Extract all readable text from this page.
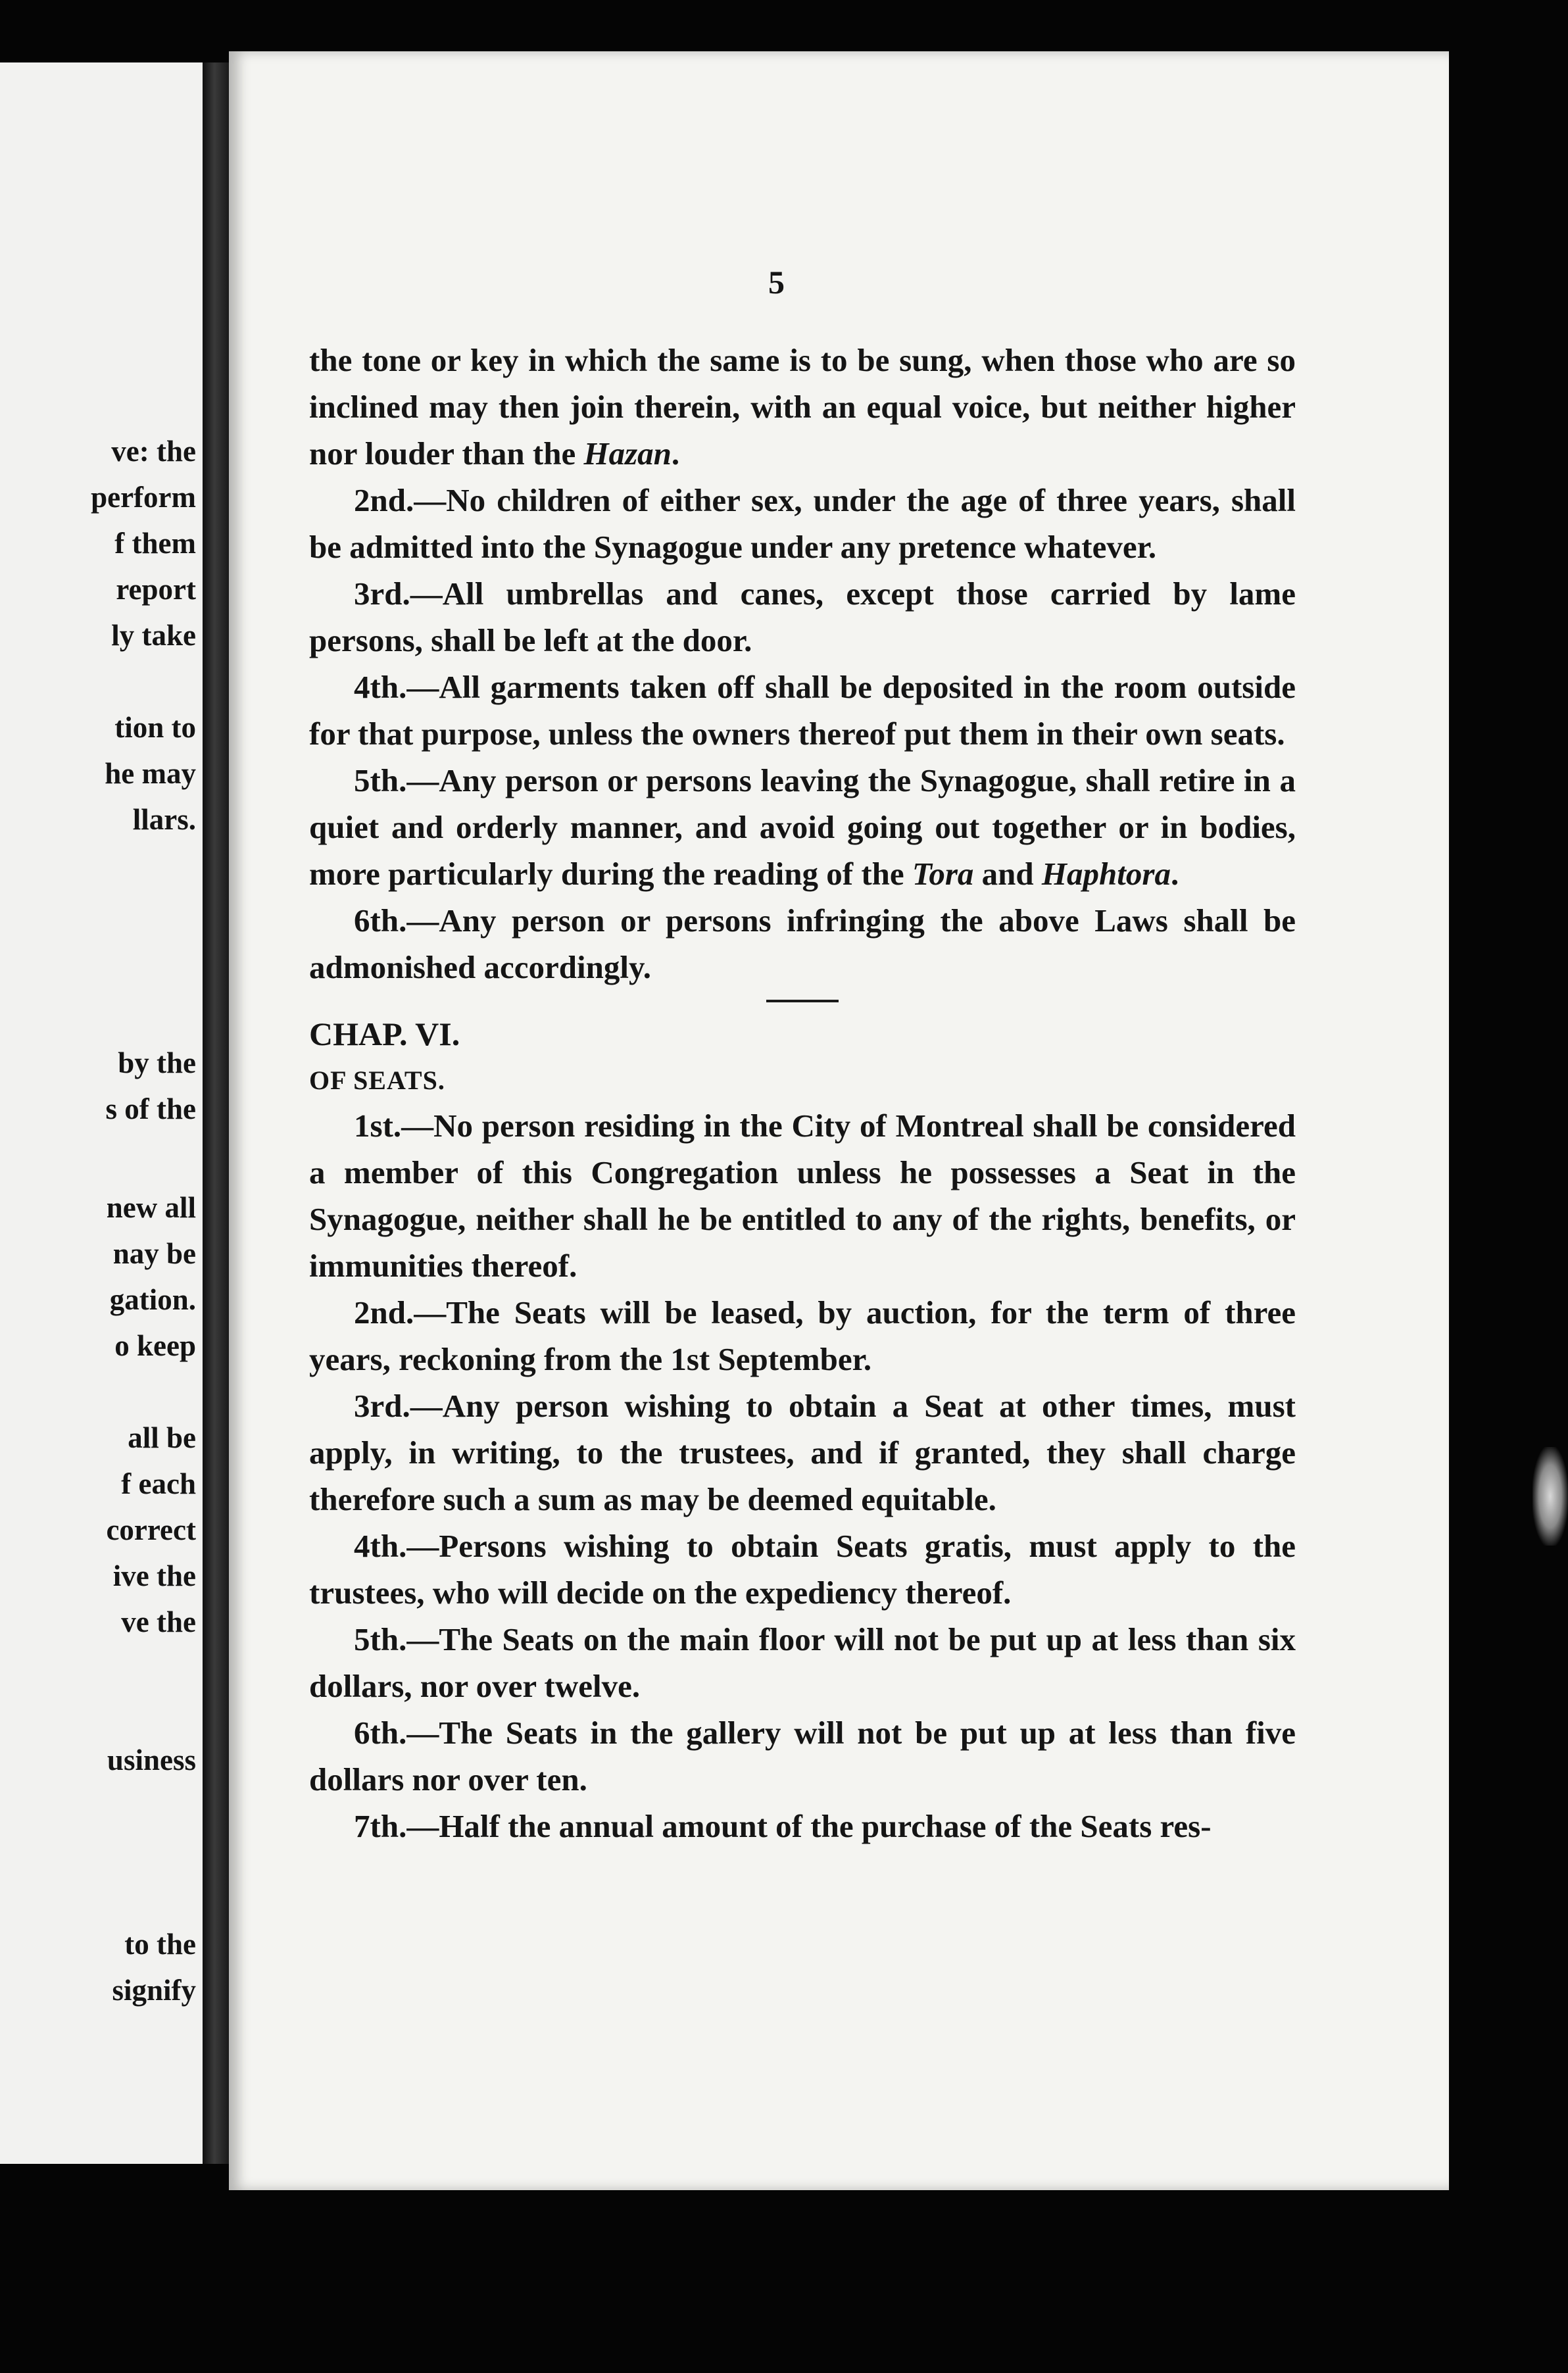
ve: the

perform

f them

report

ly take

tion to

he may

llars.

by the

s of the

new all

nay be

gation.

o keep

all be

f each

correct

ive the

ve the

usiness

to the

signify

5

the tone or key in which the same is to be sung, when those who are so inclined may then join therein, with an equal voice, but neither higher nor louder than the Hazan.

2nd.—No children of either sex, under the age of three years, shall be admitted into the Synagogue under any pretence whatever.

3rd.—All umbrellas and canes, except those carried by lame persons, shall be left at the door.

4th.—All garments taken off shall be deposited in the room outside for that purpose, unless the owners thereof put them in their own seats.

5th.—Any person or persons leaving the Synagogue, shall retire in a quiet and orderly manner, and avoid going out together or in bodies, more particularly during the reading of the Tora and Haphtora.

6th.—Any person or persons infringing the above Laws shall be admonished accordingly.

CHAP. VI.

OF SEATS.

1st.—No person residing in the City of Montreal shall be considered a member of this Congregation unless he possesses a Seat in the Synagogue, neither shall he be entitled to any of the rights, benefits, or immunities thereof.

2nd.—The Seats will be leased, by auction, for the term of three years, reckoning from the 1st September.

3rd.—Any person wishing to obtain a Seat at other times, must apply, in writing, to the trustees, and if granted, they shall charge therefore such a sum as may be deemed equitable.

4th.—Persons wishing to obtain Seats gratis, must apply to the trustees, who will decide on the expediency thereof.

5th.—The Seats on the main floor will not be put up at less than six dollars, nor over twelve.

6th.—The Seats in the gallery will not be put up at less than five dollars nor over ten.

7th.—Half the annual amount of the purchase of the Seats res-
